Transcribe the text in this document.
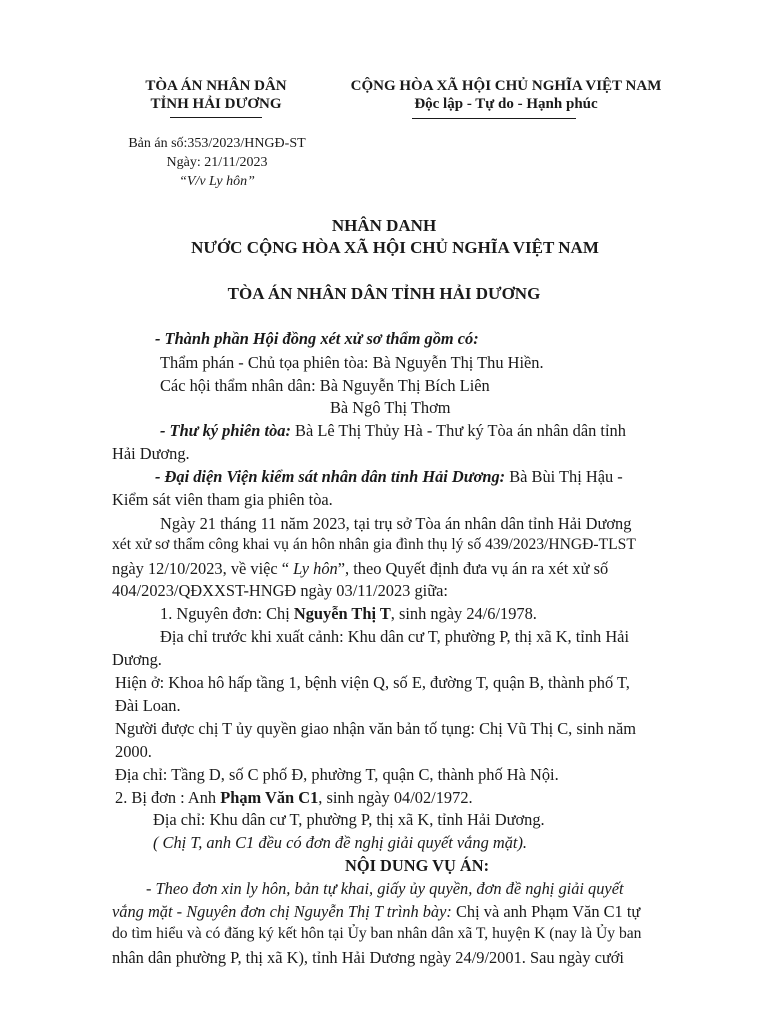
TÒA ÁN NHÂN DÂN
TỈNH HẢI DƯƠNG
CỘNG HÒA XÃ HỘI CHỦ NGHĨA VIỆT NAM
Độc lập - Tự do - Hạnh phúc
Bản án số:353/2023/HNGĐ-ST
Ngày: 21/11/2023
“V/v Ly hôn”
NHÂN DANH
NƯỚC CỘNG HÒA XÃ HỘI CHỦ NGHĨA VIỆT NAM
TÒA ÁN NHÂN DÂN TỈNH HẢI DƯƠNG
- Thành phần Hội đồng xét xử sơ thẩm gồm có:
Thẩm phán - Chủ tọa phiên tòa: Bà Nguyễn Thị Thu Hiền.
Các hội thẩm nhân dân: Bà Nguyễn Thị Bích Liên
Bà Ngô Thị Thơm
- Thư ký phiên tòa: Bà Lê Thị Thủy Hà - Thư ký Tòa án nhân dân tỉnh
Hải Dương.
- Đại diện Viện kiểm sát nhân dân tỉnh Hải Dương: Bà Bùi Thị Hậu -
Kiểm sát viên tham gia phiên tòa.
Ngày 21 tháng 11 năm 2023, tại trụ sở Tòa án nhân dân tỉnh Hải Dương
xét xử sơ thẩm công khai vụ án hôn nhân gia đình thụ lý số 439/2023/HNGĐ-TLST
ngày 12/10/2023, về việc “ Ly hôn”, theo Quyết định đưa vụ án ra xét xử số
404/2023/QĐXXST-HNGĐ ngày 03/11/2023 giữa:
1. Nguyên đơn: Chị Nguyễn Thị T, sinh ngày 24/6/1978.
Địa chỉ trước khi xuất cảnh: Khu dân cư T, phường P, thị xã K, tỉnh Hải
Dương.
Hiện ở: Khoa hô hấp tầng 1, bệnh viện Q, số E, đường T, quận B, thành phố T,
Đài Loan.
Người được chị T ủy quyền giao nhận văn bản tố tụng: Chị Vũ Thị C, sinh năm
2000.
Địa chỉ: Tầng D, số C phố Đ, phường T, quận C, thành phố Hà Nội.
2. Bị đơn : Anh Phạm Văn C1, sinh ngày 04/02/1972.
Địa chỉ: Khu dân cư T, phường P, thị xã K, tỉnh Hải Dương.
( Chị T, anh C1 đều có đơn đề nghị giải quyết vắng mặt).
NỘI DUNG VỤ ÁN:
- Theo đơn xin ly hôn, bản tự khai, giấy ủy quyền, đơn đề nghị giải quyết
vắng mặt - Nguyên đơn chị Nguyễn Thị T trình bày: Chị và anh Phạm Văn C1 tự
do tìm hiểu và có đăng ký kết hôn tại Ủy ban nhân dân xã T, huyện K (nay là Ủy ban
nhân dân phường P, thị xã K), tỉnh Hải Dương ngày 24/9/2001. Sau ngày cưới
